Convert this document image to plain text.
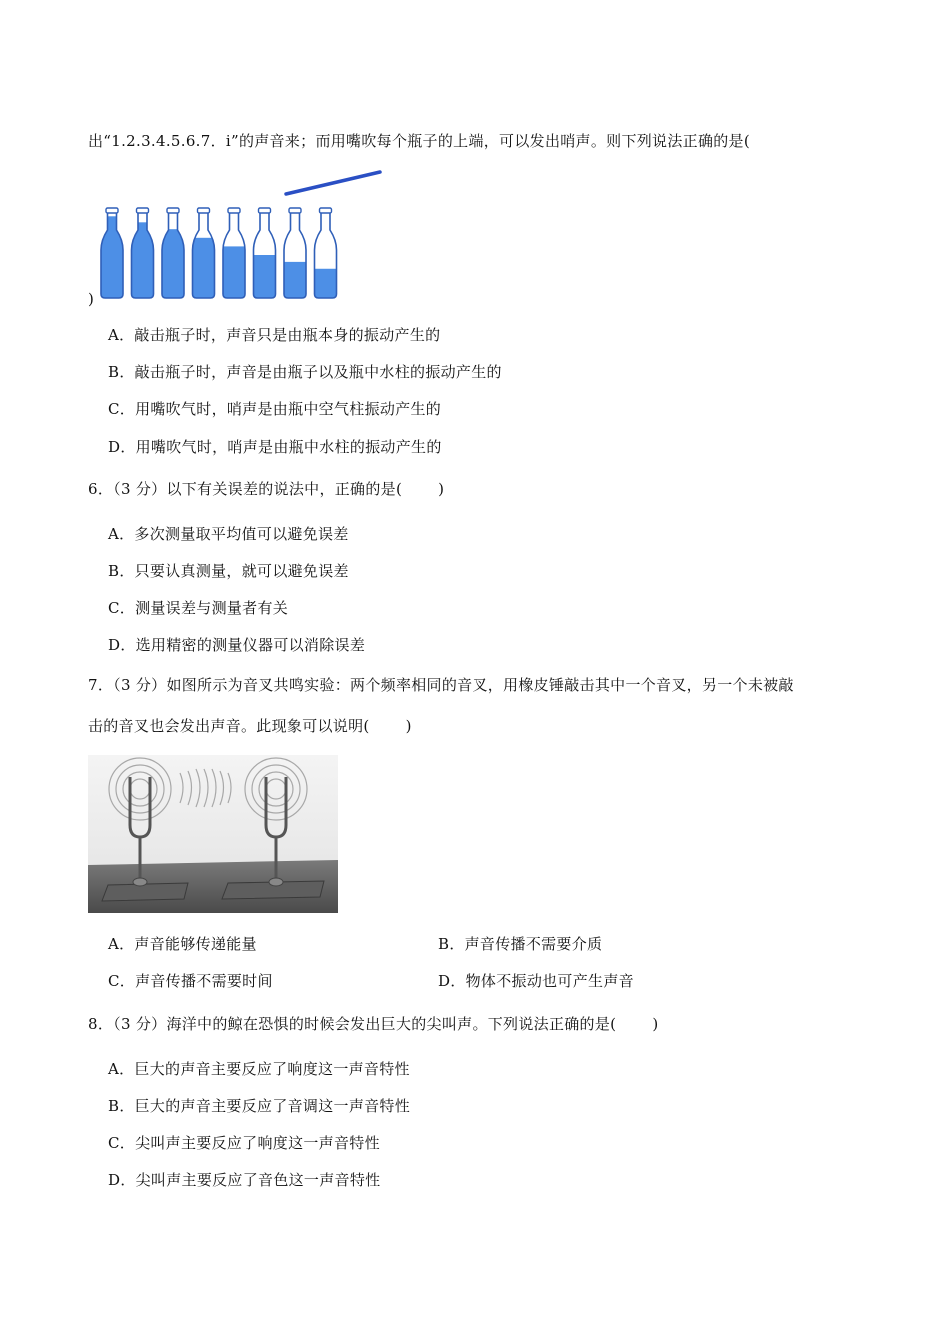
出“1.2.3.4.5.6.7．i”的声音来；而用嘴吹每个瓶子的上端，可以发出哨声。则下列说法正确的是(
)
A．敲击瓶子时，声音只是由瓶本身的振动产生的
B．敲击瓶子时，声音是由瓶子以及瓶中水柱的振动产生的
C．用嘴吹气时，哨声是由瓶中空气柱振动产生的
D．用嘴吹气时，哨声是由瓶中水柱的振动产生的
6．（3 分）以下有关误差的说法中，正确的是( )
A．多次测量取平均值可以避免误差
B．只要认真测量，就可以避免误差
C．测量误差与测量者有关
D．选用精密的测量仪器可以消除误差
7．（3 分）如图所示为音叉共鸣实验：两个频率相同的音叉，用橡皮锤敲击其中一个音叉，另一个未被敲
击的音叉也会发出声音。此现象可以说明( )
A．声音能够传递能量	B．声音传播不需要介质
C．声音传播不需要时间	D．物体不振动也可产生声音
8．（3 分）海洋中的鲸在恐惧的时候会发出巨大的尖叫声。下列说法正确的是( )
A．巨大的声音主要反应了响度这一声音特性
B．巨大的声音主要反应了音调这一声音特性
C．尖叫声主要反应了响度这一声音特性
D．尖叫声主要反应了音色这一声音特性
